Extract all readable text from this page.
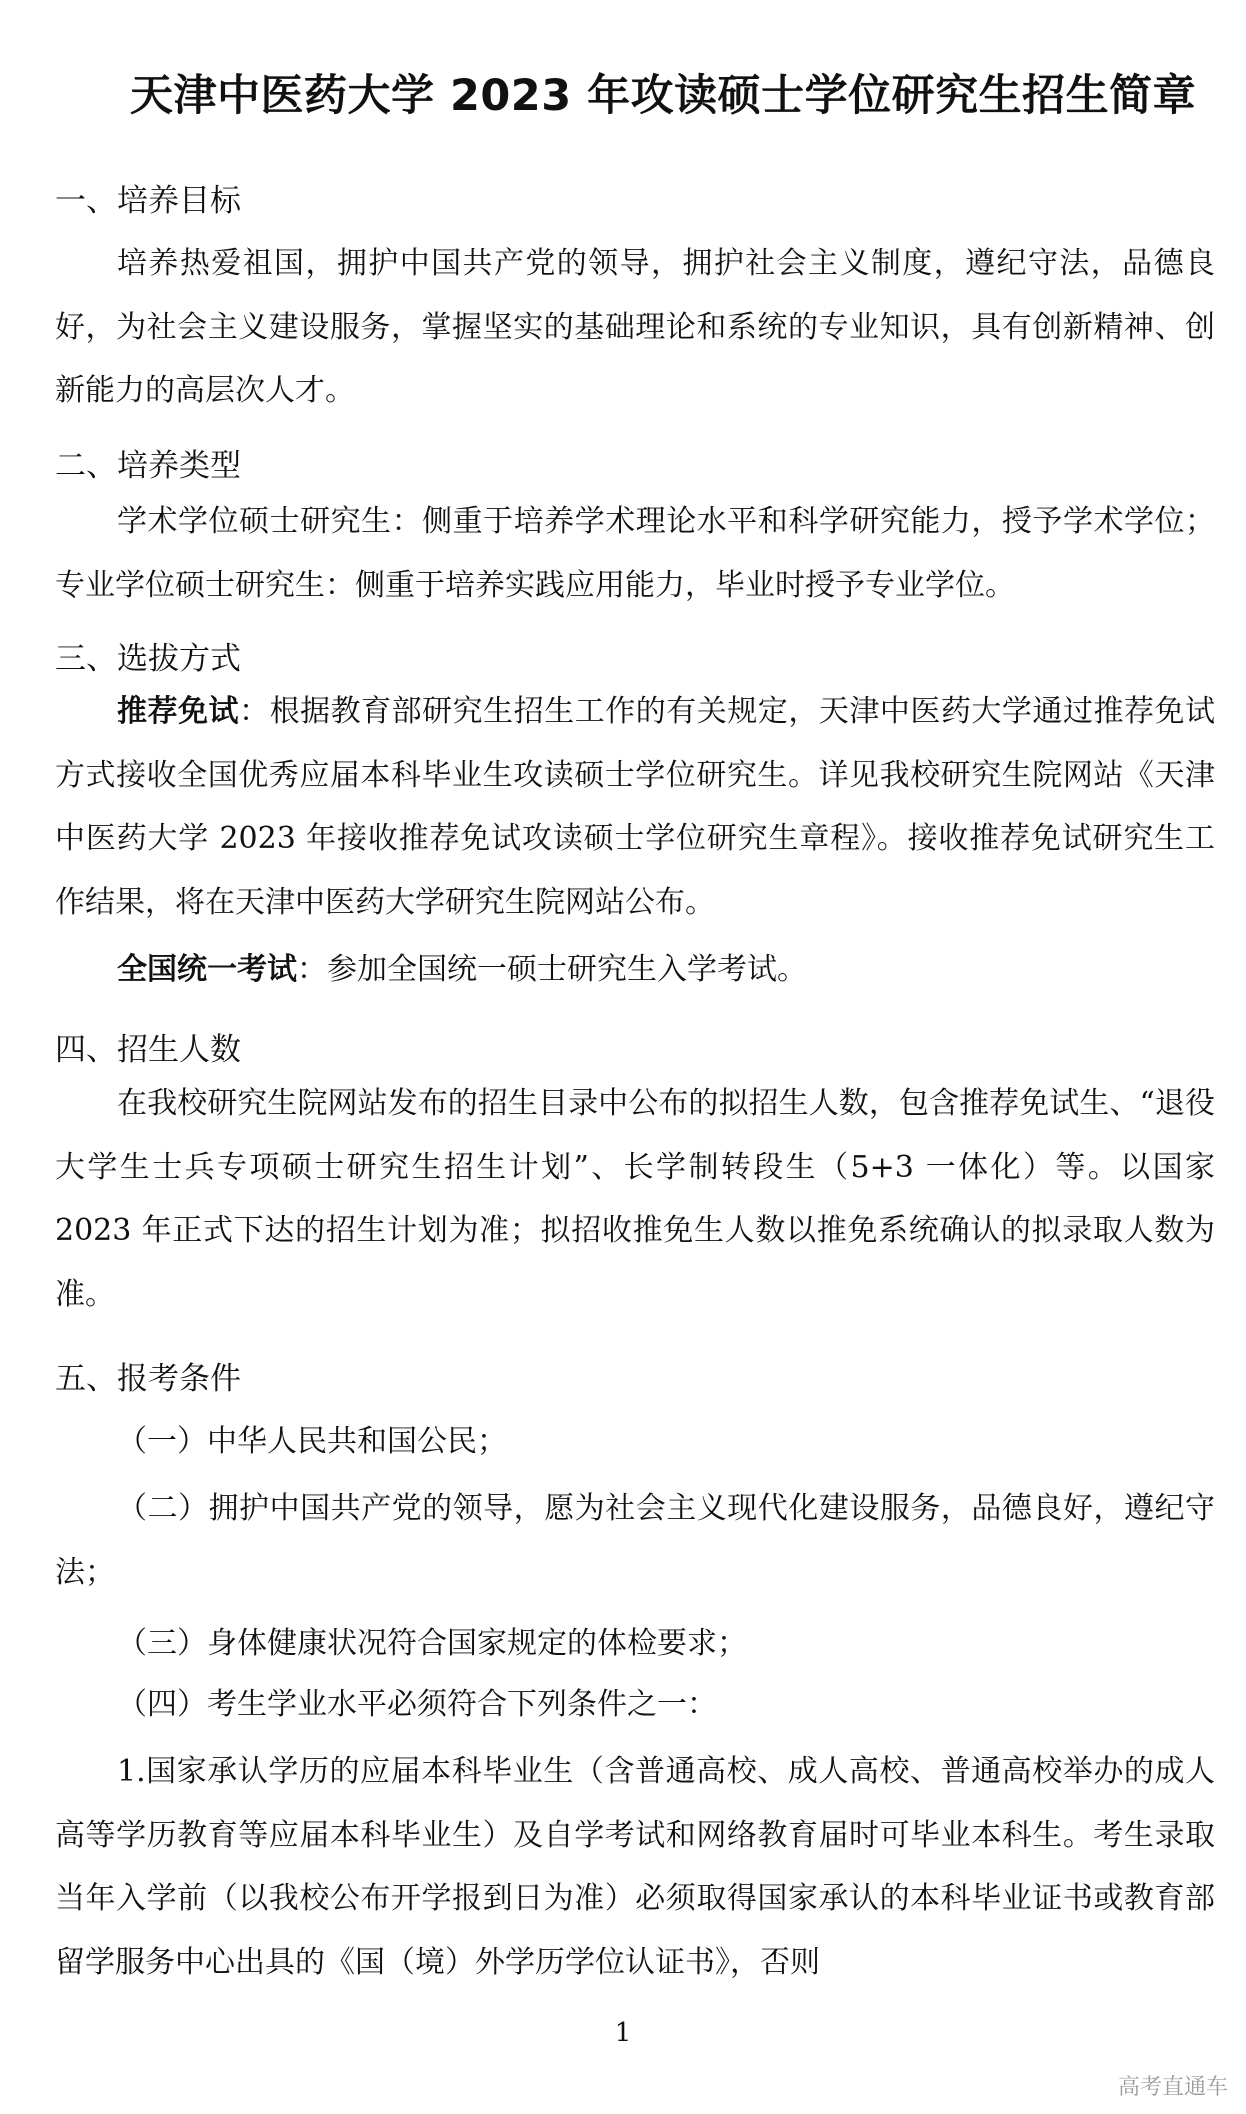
天津中医药大学 2023 年攻读硕士学位研究生招生简章
一、培养目标
培养热爱祖国，拥护中国共产党的领导，拥护社会主义制度，遵纪守法，品德良好，为社会主义建设服务，掌握坚实的基础理论和系统的专业知识，具有创新精神、创新能力的高层次人才。
二、培养类型
学术学位硕士研究生：侧重于培养学术理论水平和科学研究能力，授予学术学位；专业学位硕士研究生：侧重于培养实践应用能力，毕业时授予专业学位。
三、选拔方式
推荐免试：根据教育部研究生招生工作的有关规定，天津中医药大学通过推荐免试方式接收全国优秀应届本科毕业生攻读硕士学位研究生。详见我校研究生院网站《天津中医药大学 2023 年接收推荐免试攻读硕士学位研究生章程》。接收推荐免试研究生工作结果，将在天津中医药大学研究生院网站公布。
全国统一考试：参加全国统一硕士研究生入学考试。
四、招生人数
在我校研究生院网站发布的招生目录中公布的拟招生人数，包含推荐免试生、“退役大学生士兵专项硕士研究生招生计划”、长学制转段生（5+3 一体化）等。以国家 2023 年正式下达的招生计划为准；拟招收推免生人数以推免系统确认的拟录取人数为准。
五、报考条件
（一）中华人民共和国公民；
（二）拥护中国共产党的领导，愿为社会主义现代化建设服务，品德良好，遵纪守法；
（三）身体健康状况符合国家规定的体检要求；
（四）考生学业水平必须符合下列条件之一：
1.国家承认学历的应届本科毕业生（含普通高校、成人高校、普通高校举办的成人高等学历教育等应届本科毕业生）及自学考试和网络教育届时可毕业本科生。考生录取当年入学前（以我校公布开学报到日为准）必须取得国家承认的本科毕业证书或教育部留学服务中心出具的《国（境）外学历学位认证书》，否则
1
高考直通车
